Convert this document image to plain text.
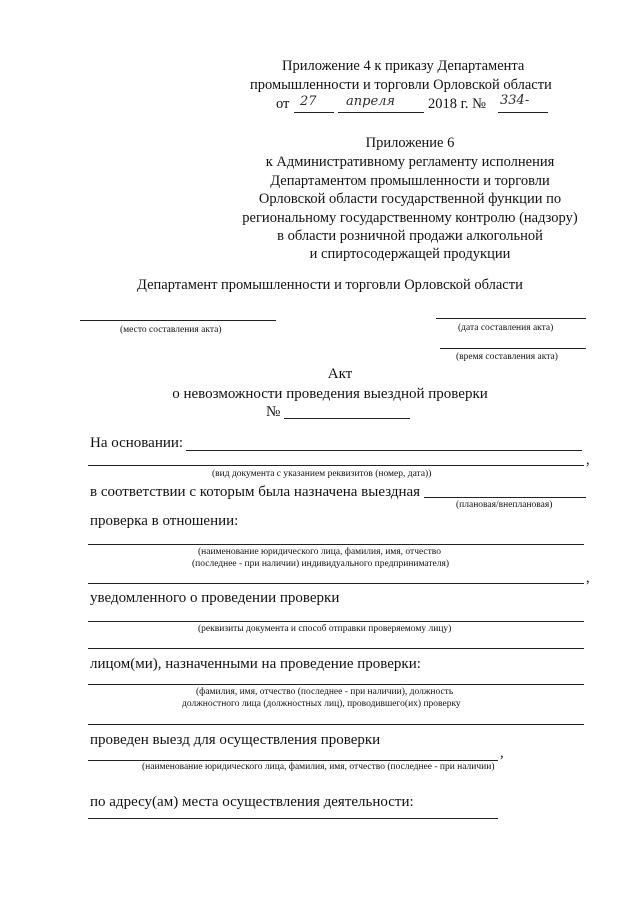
Приложение 4 к приказу Департамента
промышленности и торговли Орловской области
от 27 апреля 2018 г. № 334-
Приложение 6
к Административному регламенту исполнения
Департаментом промышленности и торговли
Орловской области государственной функции по
региональному государственному контролю (надзору)
в области розничной продажи алкогольной
и спиртосодержащей продукции
Департамент промышленности и торговли Орловской области
(место составления акта)	(дата составления акта)
(время составления акта)
Акт
о невозможности проведения выездной проверки
№
На основании:
,
(вид документа с указанием реквизитов (номер, дата))
в соответствии с которым была назначена выездная
(плановая/внеплановая)
проверка в отношении:
(наименование юридического лица, фамилия, имя, отчество
(последнее - при наличии) индивидуального предпринимателя)
,
уведомленного о проведении проверки
(реквизиты документа и способ отправки проверяемому лицу)
лицом(ми), назначенными на проведение проверки:
(фамилия, имя, отчество (последнее - при наличии), должность
должностного лица (должностных лиц), проводившего(их) проверку
проведен выезд для осуществления проверки
,
(наименование юридического лица, фамилия, имя, отчество (последнее - при наличии)
по адресу(ам) места осуществления деятельности:
